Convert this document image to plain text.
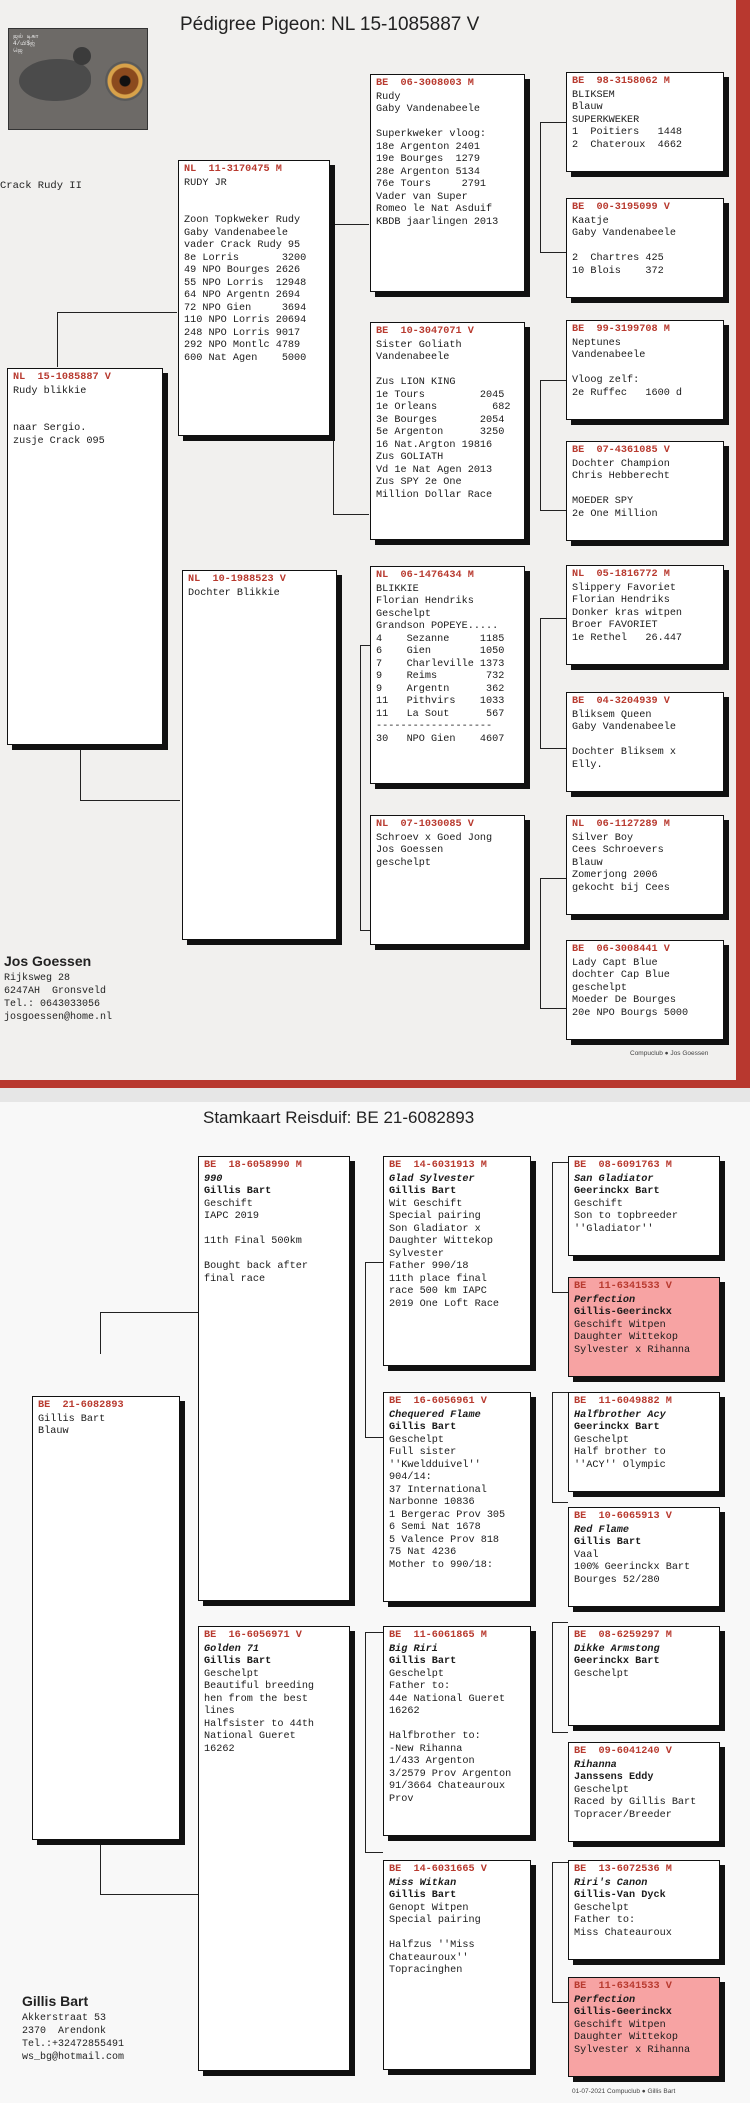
ஜல் டிகா
4/யி$ஜ்
ஜெ
Pédigree Pigeon: NL 15-1085887 V
Crack Rudy II
NL  15-1085887 V
Rudy blikkie
naar Sergio.
zusje Crack 095
NL  11-3170475 M
RUDY JR
Zoon Topkweker Rudy
Gaby Vandenabeele
vader Crack Rudy 95
8e Lorris       3200
49 NPO Bourges 2626
55 NPO Lorris  12948
64 NPO Argentn 2694
72 NPO Gien     3694
110 NPO Lorris 20694
248 NPO Lorris 9017
292 NPO Montlc 4789
600 Nat Agen    5000
NL  10-1988523 V
Dochter Blikkie
BE  06-3008003 M
Rudy
Gaby Vandenabeele
Superkweker vloog:
18e Argenton 2401
19e Bourges  1279
28e Argenton 5134
76e Tours     2791
Vader van Super
Romeo le Nat Asduif
KBDB jaarlingen 2013
BE  10-3047071 V
Sister Goliath
Vandenabeele
Zus LION KING
1e Tours         2045
1e Orleans         682
3e Bourges       2054
5e Argenton      3250
16 Nat.Argton 19816
Zus GOLIATH
Vd 1e Nat Agen 2013
Zus SPY 2e One
Million Dollar Race
NL  06-1476434 M
BLIKKIE
Florian Hendriks
Geschelpt
Grandson POPEYE.....
4    Sezanne     1185
6    Gien        1050
7    Charleville 1373
9    Reims        732
9    Argentn      362
11   Pithvirs    1033
11   La Sout      567
-------------------
30   NPO Gien    4607
NL  07-1030085 V
Schroev x Goed Jong
Jos Goessen
geschelpt
BE  98-3158062 M
BLIKSEM
Blauw
SUPERKWEKER
1  Poitiers   1448
2  Chateroux  4662
BE  00-3195099 V
Kaatje
Gaby Vandenabeele
2  Chartres 425
10 Blois    372
BE  99-3199708 M
Neptunes
Vandenabeele
Vloog zelf:
2e Ruffec   1600 d
BE  07-4361085 V
Dochter Champion
Chris Hebberecht
MOEDER SPY
2e One Million
NL  05-1816772 M
Slippery Favoriet
Florian Hendriks
Donker kras witpen
Broer FAVORIET
1e Rethel   26.447
BE  04-3204939 V
Bliksem Queen
Gaby Vandenabeele
Dochter Bliksem x
Elly.
NL  06-1127289 M
Silver Boy
Cees Schroevers
Blauw
Zomerjong 2006
gekocht bij Cees
BE  06-3008441 V
Lady Capt Blue
dochter Cap Blue
geschelpt
Moeder De Bourges
20e NPO Bourgs 5000
Jos Goessen
Rijksweg 28
6247AH  Gronsveld
Tel.: 0643033056
josgoessen@home.nl
Compuclub ● Jos Goessen
Stamkaart Reisduif: BE 21-6082893
BE  21-6082893
Gillis Bart
Blauw
BE  18-6058990 M
990
Gillis Bart
Geschift
IAPC 2019
11th Final 500km
Bought back after
final race
BE  16-6056971 V
Golden 71
Gillis Bart
Geschelpt
Beautiful breeding
hen from the best
lines
Halfsister to 44th
National Gueret
16262
BE  14-6031913 M
Glad Sylvester
Gillis Bart
Wit Geschift
Special pairing
Son Gladiator x
Daughter Wittekop
Sylvester
Father 990/18
11th place final
race 500 km IAPC
2019 One Loft Race
BE  16-6056961 V
Chequered Flame
Gillis Bart
Geschelpt
Full sister
''Kweldduivel''
904/14:
37 International
Narbonne 10836
1 Bergerac Prov 305
6 Semi Nat 1678
5 Valence Prov 818
75 Nat 4236
Mother to 990/18:
BE  11-6061865 M
Big Riri
Gillis Bart
Geschelpt
Father to:
44e National Gueret
16262
Halfbrother to:
-New Rihanna
1/433 Argenton
3/2579 Prov Argenton
91/3664 Chateauroux
Prov
BE  14-6031665 V
Miss Witkan
Gillis Bart
Genopt Witpen
Special pairing
Halfzus ''Miss
Chateauroux''
Topracinghen
BE  08-6091763 M
San Gladiator
Geerinckx Bart
Geschift
Son to topbreeder
''Gladiator''
BE  11-6341533 V
Perfection
Gillis-Geerinckx
Geschift Witpen
Daughter Wittekop
Sylvester x Rihanna
BE  11-6049882 M
Halfbrother Acy
Geerinckx Bart
Geschelpt
Half brother to
''ACY'' Olympic
BE  10-6065913 V
Red Flame
Gillis Bart
Vaal
100% Geerinckx Bart
Bourges 52/280
BE  08-6259297 M
Dikke Armstong
Geerinckx Bart
Geschelpt
BE  09-6041240 V
Rihanna
Janssens Eddy
Geschelpt
Raced by Gillis Bart
Topracer/Breeder
BE  13-6072536 M
Riri's Canon
Gillis-Van Dyck
Geschelpt
Father to:
Miss Chateauroux
BE  11-6341533 V
Perfection
Gillis-Geerinckx
Geschift Witpen
Daughter Wittekop
Sylvester x Rihanna
Gillis Bart
Akkerstraat 53
2370  Arendonk
Tel.:+32472855491
ws_bg@hotmail.com
01-07-2021 Compuclub ● Gillis Bart
